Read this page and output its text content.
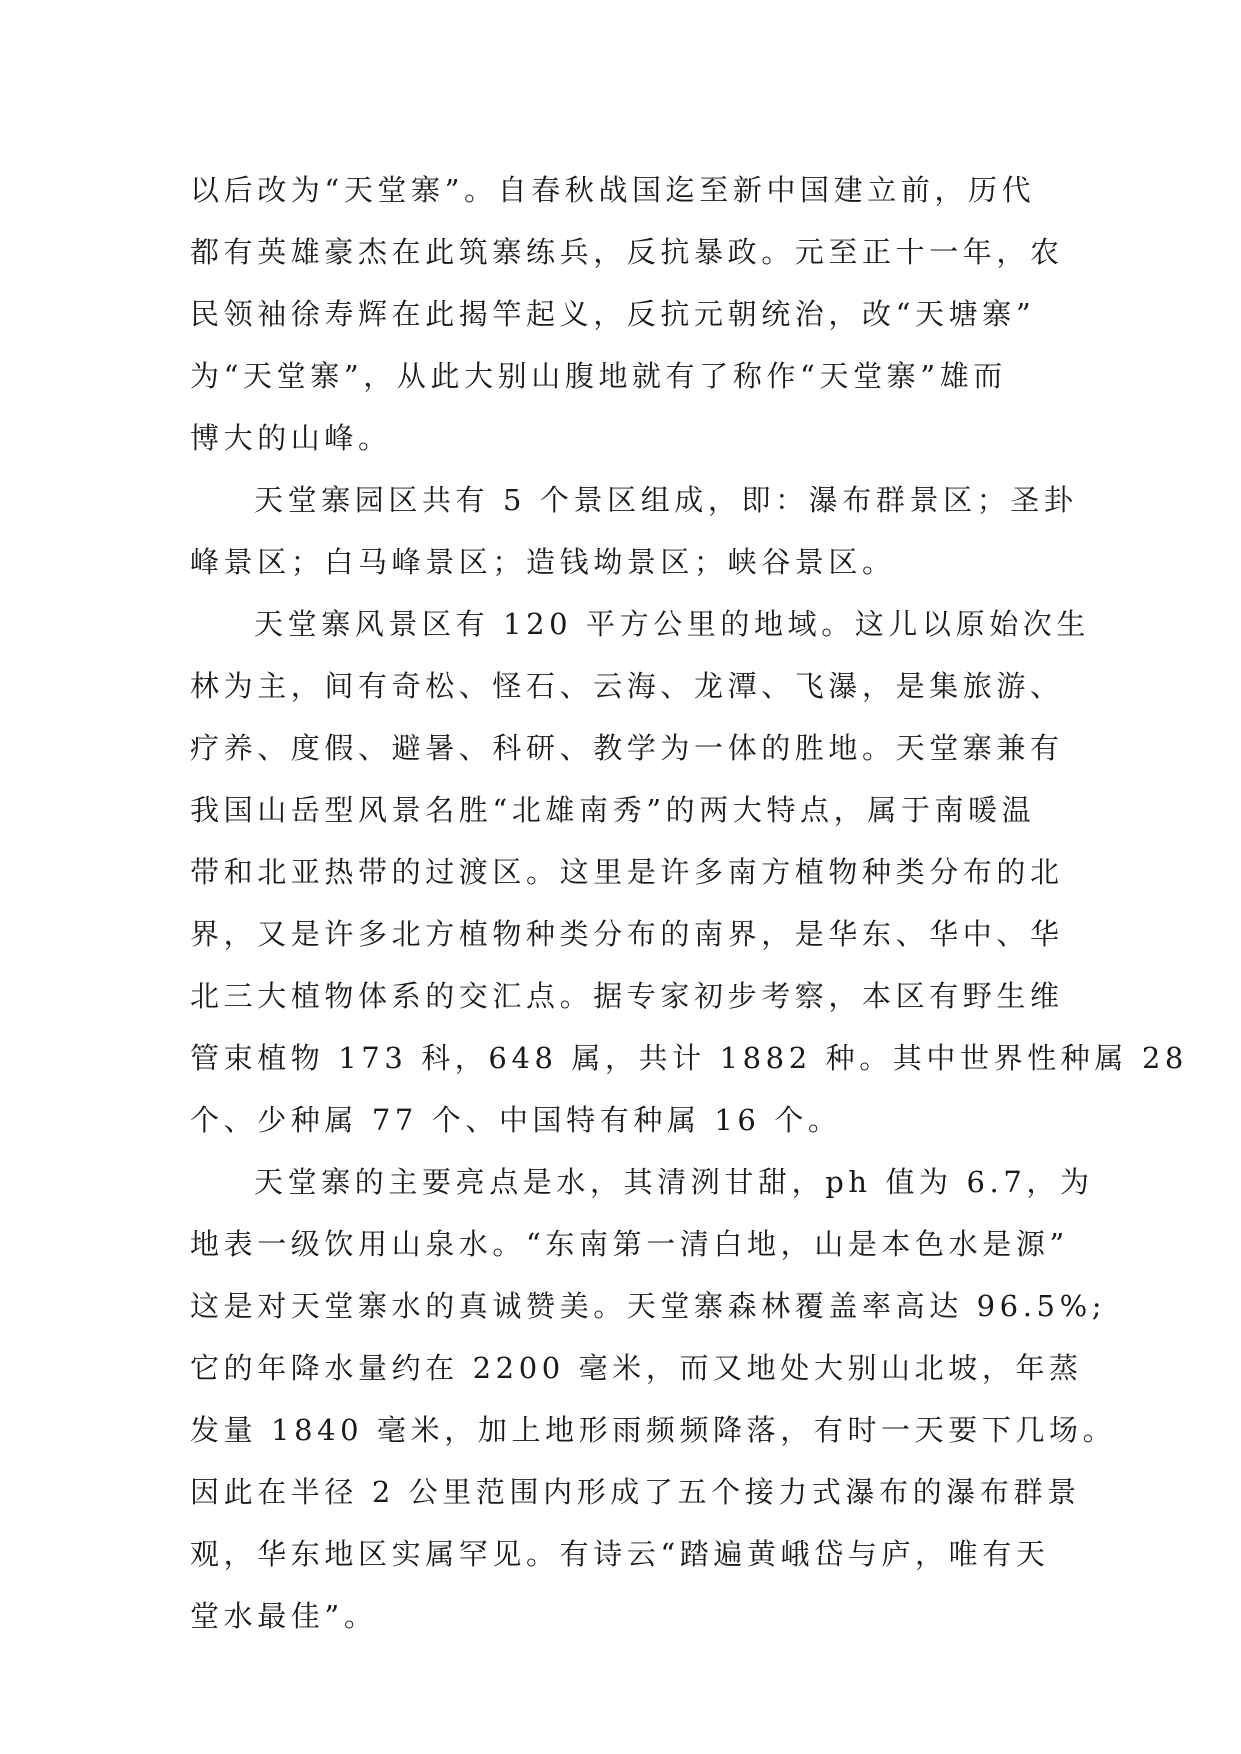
以后改为“天堂寨”。自春秋战国迄至新中国建立前，历代
都有英雄豪杰在此筑寨练兵，反抗暴政。元至正十一年，农
民领袖徐寿辉在此揭竿起义，反抗元朝统治，改“天塘寨”
为“天堂寨”，从此大别山腹地就有了称作“天堂寨”雄而
博大的山峰。
天堂寨园区共有 5 个景区组成，即：瀑布群景区；圣卦
峰景区；白马峰景区；造钱坳景区；峡谷景区。
天堂寨风景区有 120 平方公里的地域。这儿以原始次生
林为主，间有奇松、怪石、云海、龙潭、飞瀑，是集旅游、
疗养、度假、避暑、科研、教学为一体的胜地。天堂寨兼有
我国山岳型风景名胜“北雄南秀”的两大特点，属于南暖温
带和北亚热带的过渡区。这里是许多南方植物种类分布的北
界，又是许多北方植物种类分布的南界，是华东、华中、华
北三大植物体系的交汇点。据专家初步考察，本区有野生维
管束植物 173 科，648 属，共计 1882 种。其中世界性种属 28
个、少种属 77 个、中国特有种属 16 个。
天堂寨的主要亮点是水，其清洌甘甜，ph 值为 6.7，为
地表一级饮用山泉水。“东南第一清白地，山是本色水是源”
这是对天堂寨水的真诚赞美。天堂寨森林覆盖率高达 96.5%;
它的年降水量约在 2200 毫米，而又地处大别山北坡，年蒸
发量 1840 毫米，加上地形雨频频降落，有时一天要下几场。
因此在半径 2 公里范围内形成了五个接力式瀑布的瀑布群景
观，华东地区实属罕见。有诗云“踏遍黄峨岱与庐，唯有天
堂水最佳”。
